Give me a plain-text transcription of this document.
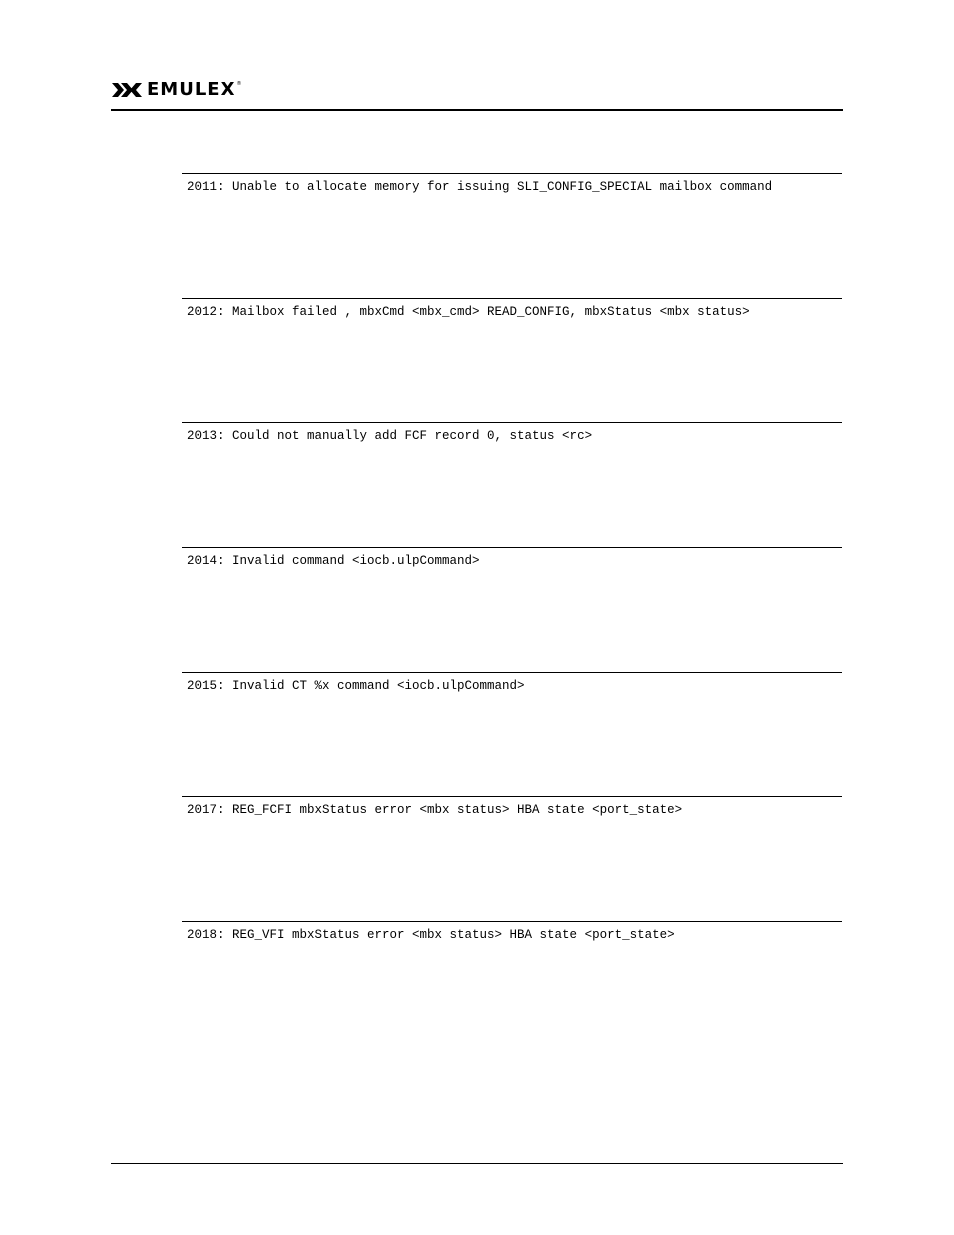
EMULEX ®
2011: Unable to allocate memory for issuing SLI_CONFIG_SPECIAL mailbox command
2012: Mailbox failed , mbxCmd <mbx_cmd> READ_CONFIG, mbxStatus <mbx status>
2013: Could not manually add FCF record 0, status <rc>
2014: Invalid command <iocb.ulpCommand>
2015: Invalid CT %x command <iocb.ulpCommand>
2017: REG_FCFI mbxStatus error <mbx status> HBA state <port_state>
2018: REG_VFI mbxStatus error <mbx status> HBA state <port_state>
